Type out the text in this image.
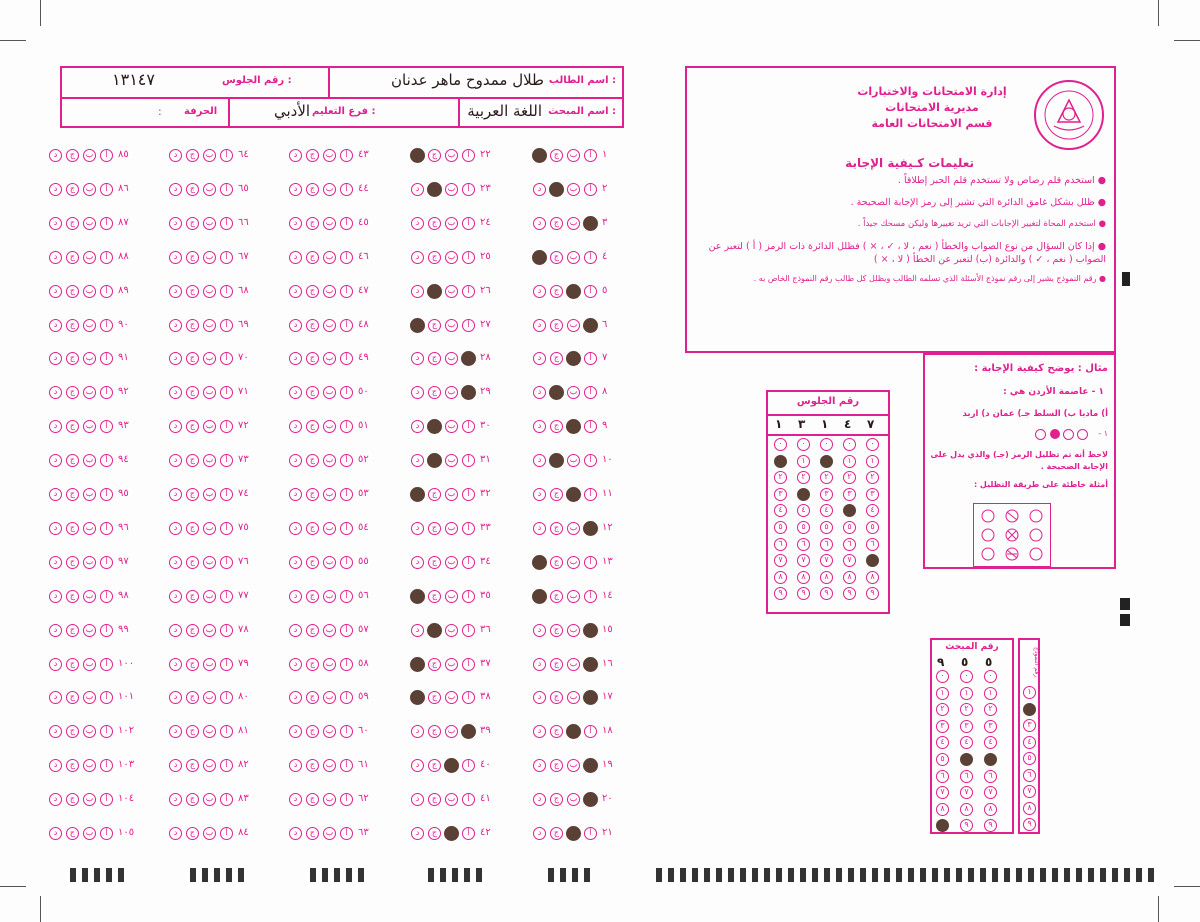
اسم الطالب :
طلال ممدوح ماهر عدنان
رقم الجلوس :
١٣١٤٧
اسم المبحث :
اللغة العربية
فرع التعليم :
الأدبي
الحرفة
:
إدارة الامتحانات والاختبارات
مديرية الامتحانات
قسم الامتحانات العامة
تعليمات كـيفية الإجابة
● استخدم قلم رصاص ولا تستخدم قلم الحبر إطلاقاً .
● ظلل بشكل غامق الدائرة التي تشير إلى رمز الإجابة الصحيحة .
● استخدم المحاة لتغيير الإجابات التي تريد تغييرها وليكن مسحك جيداً .
● إذا كان السؤال من نوع الصواب والخطأ ( نعم ، لا ، ✓ ، × ) فظلل الدائرة ذات الرمز ( أ ) لتعبر عن الصواب ( نعم ، ✓ ) والدائرة (ب) لتعبر عن الخطأ ( لا ، × )
● رقم النموذج يشير إلى رقم نموذج الأسئلة الذي تسلمه الطالب ويظلل كل طالب رقم النموذج الخاص به .
مثال : يوضح كيفية الإجابة :
١ - عاصمة الأردن هي :
أ) مادبا ب) السلط جـ) عمان د) اربد
١ -
لاحظ أنه تم تظليل الرمز (جـ) والذي يدل على
الإجابة الصحيحة .
أمثلة خاطئة على طريقة التظليل :
رقم الجلوس
٧
٠
١
٢
٣
٤
٥
٦
٨
٩
٤
٠
١
٢
٣
٥
٦
٧
٨
٩
١
٠
٢
٣
٤
٥
٦
٧
٨
٩
٣
٠
١
٢
٤
٥
٦
٧
٨
٩
١
٠
٢
٣
٤
٥
٦
٧
٨
٩
رقم المبحث
٥
٠
١
٢
٣
٤
٦
٧
٨
٩
٥
٠
١
٢
٣
٤
٦
٧
٨
٩
٩
٠
١
٢
٣
٤
٥
٦
٧
٨
رقم النموذج
١
٣
٤
٥
٦
٧
٨
٩
١
أ
ب
ج
٢
أ
ب
د
٣
ب
ج
د
٤
أ
ب
ج
٥
أ
ج
د
٦
ب
ج
د
٧
أ
ج
د
٨
أ
ب
د
٩
أ
ج
د
١٠
أ
ب
د
١١
أ
ج
د
١٢
ب
ج
د
١٣
أ
ب
ج
١٤
أ
ب
ج
١٥
ب
ج
د
١٦
ب
ج
د
١٧
ب
ج
د
١٨
أ
ج
د
١٩
ب
ج
د
٢٠
ب
ج
د
٢١
أ
ج
د
٢٢
أ
ب
ج
٢٣
أ
ب
د
٢٤
أ
ب
ج
د
٢٥
أ
ب
ج
د
٢٦
أ
ب
د
٢٧
أ
ب
ج
٢٨
ب
ج
د
٢٩
ب
ج
د
٣٠
أ
ب
د
٣١
أ
ب
د
٣٢
أ
ب
ج
٣٣
أ
ب
ج
د
٣٤
أ
ب
ج
د
٣٥
أ
ب
ج
٣٦
أ
ب
د
٣٧
أ
ب
ج
٣٨
أ
ب
ج
٣٩
ب
ج
د
٤٠
أ
ج
د
٤١
أ
ب
ج
د
٤٢
أ
ج
د
٤٣
أ
ب
ج
د
٤٤
أ
ب
ج
د
٤٥
أ
ب
ج
د
٤٦
أ
ب
ج
د
٤٧
أ
ب
ج
د
٤٨
أ
ب
ج
د
٤٩
أ
ب
ج
د
٥٠
أ
ب
ج
د
٥١
أ
ب
ج
د
٥٢
أ
ب
ج
د
٥٣
أ
ب
ج
د
٥٤
أ
ب
ج
د
٥٥
أ
ب
ج
د
٥٦
أ
ب
ج
د
٥٧
أ
ب
ج
د
٥٨
أ
ب
ج
د
٥٩
أ
ب
ج
د
٦٠
أ
ب
ج
د
٦١
أ
ب
ج
د
٦٢
أ
ب
ج
د
٦٣
أ
ب
ج
د
٦٤
أ
ب
ج
د
٦٥
أ
ب
ج
د
٦٦
أ
ب
ج
د
٦٧
أ
ب
ج
د
٦٨
أ
ب
ج
د
٦٩
أ
ب
ج
د
٧٠
أ
ب
ج
د
٧١
أ
ب
ج
د
٧٢
أ
ب
ج
د
٧٣
أ
ب
ج
د
٧٤
أ
ب
ج
د
٧٥
أ
ب
ج
د
٧٦
أ
ب
ج
د
٧٧
أ
ب
ج
د
٧٨
أ
ب
ج
د
٧٩
أ
ب
ج
د
٨٠
أ
ب
ج
د
٨١
أ
ب
ج
د
٨٢
أ
ب
ج
د
٨٣
أ
ب
ج
د
٨٤
أ
ب
ج
د
٨٥
أ
ب
ج
د
٨٦
أ
ب
ج
د
٨٧
أ
ب
ج
د
٨٨
أ
ب
ج
د
٨٩
أ
ب
ج
د
٩٠
أ
ب
ج
د
٩١
أ
ب
ج
د
٩٢
أ
ب
ج
د
٩٣
أ
ب
ج
د
٩٤
أ
ب
ج
د
٩٥
أ
ب
ج
د
٩٦
أ
ب
ج
د
٩٧
أ
ب
ج
د
٩٨
أ
ب
ج
د
٩٩
أ
ب
ج
د
١٠٠
أ
ب
ج
د
١٠١
أ
ب
ج
د
١٠٢
أ
ب
ج
د
١٠٣
أ
ب
ج
د
١٠٤
أ
ب
ج
د
١٠٥
أ
ب
ج
د
